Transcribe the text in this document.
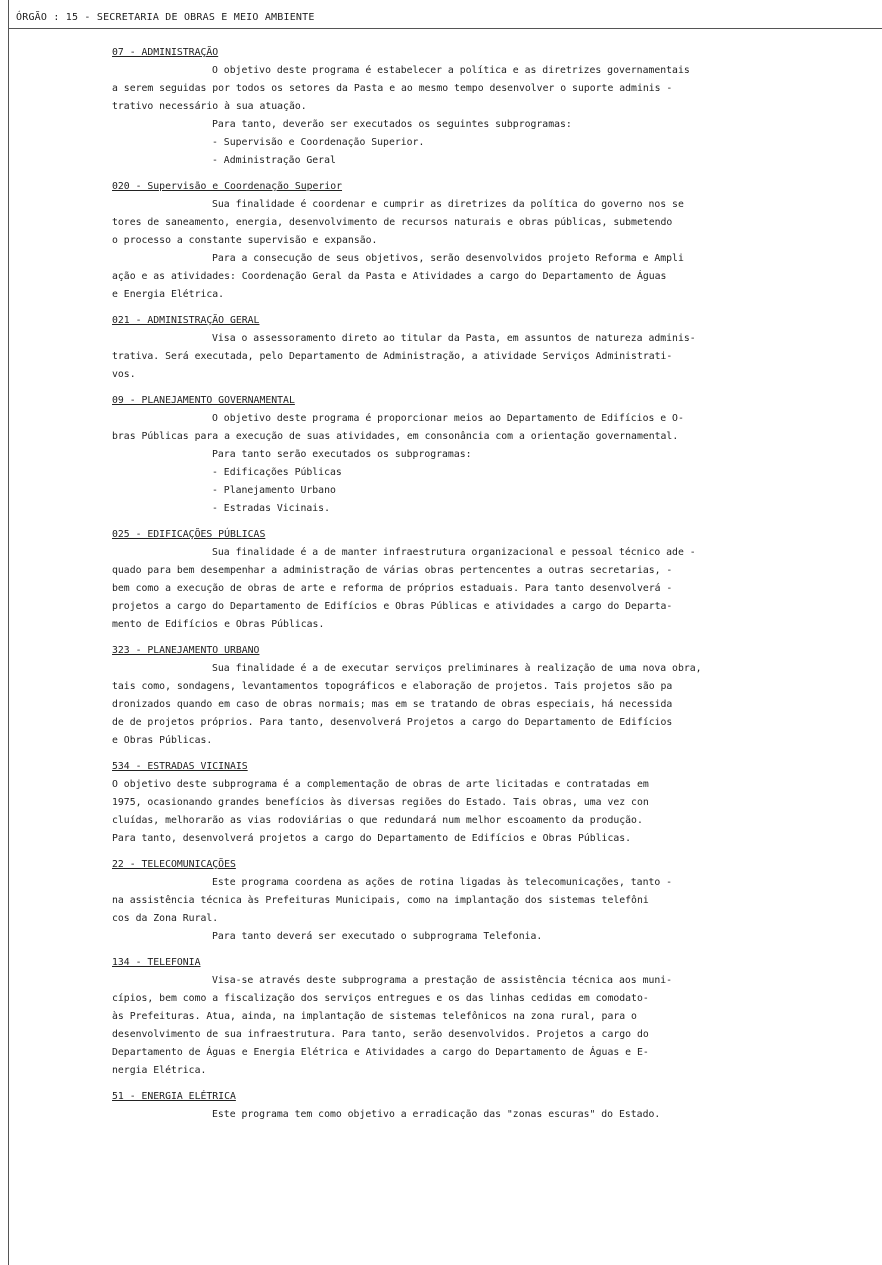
ÓRGÃO : 15 - SECRETARIA DE OBRAS E MEIO AMBIENTE
07 - ADMINISTRAÇÃO
O objetivo deste programa é estabelecer a política e as diretrizes governamentais
a serem seguidas por todos os setores da Pasta e ao mesmo tempo desenvolver o suporte adminis -
trativo necessário à sua atuação.
Para tanto, deverão ser executados os seguintes subprogramas:
- Supervisão e Coordenação Superior.
- Administração Geral
020 - Supervisão e Coordenação Superior
Sua finalidade é coordenar e cumprir as diretrizes da política do governo nos se
tores de saneamento, energia, desenvolvimento de recursos naturais e obras públicas, submetendo
o processo a constante supervisão e expansão.
Para a consecução de seus objetivos, serão desenvolvidos projeto Reforma e Ampli
ação e as atividades: Coordenação Geral da Pasta e Atividades a cargo do Departamento de Águas
e Energia Elétrica.
021 - ADMINISTRAÇÃO GERAL
Visa o assessoramento direto ao titular da Pasta, em assuntos de natureza adminis-
trativa. Será executada, pelo Departamento de Administração, a atividade Serviços Administrati-
vos.
09 - PLANEJAMENTO GOVERNAMENTAL
O objetivo deste programa é proporcionar meios ao Departamento de Edifícios e O-
bras Públicas para a execução de suas atividades, em consonância com a orientação governamental.
Para tanto serão executados os subprogramas:
- Edificações Públicas
- Planejamento Urbano
- Estradas Vicinais.
025 - EDIFICAÇÕES PÚBLICAS
Sua finalidade é a de manter infraestrutura organizacional e pessoal técnico ade -
quado para bem desempenhar a administração de várias obras pertencentes a outras secretarias, -
bem como a execução de obras de arte e reforma de próprios estaduais. Para tanto desenvolverá -
projetos a cargo do Departamento de Edifícios e Obras Públicas e atividades a cargo do Departa-
mento de Edifícios e Obras Públicas.
323 - PLANEJAMENTO URBANO
Sua finalidade é a de executar serviços preliminares à realização de uma nova obra,
tais como, sondagens, levantamentos topográficos e elaboração de projetos. Tais projetos são pa
dronizados quando em caso de obras normais; mas em se tratando de obras especiais, há necessida
de de projetos próprios. Para tanto, desenvolverá Projetos a cargo do Departamento de Edifícios
e Obras Públicas.
534 - ESTRADAS VICINAIS
O objetivo deste subprograma é a complementação de obras de arte licitadas e contratadas em
1975, ocasionando grandes benefícios às diversas regiões do Estado. Tais obras, uma vez con
cluídas, melhorarão as vias rodoviárias o que redundará num melhor escoamento da produção.
Para tanto, desenvolverá projetos a cargo do Departamento de Edifícios e Obras Públicas.
22 - TELECOMUNICAÇÕES
Este programa coordena as ações de rotina ligadas às telecomunicações, tanto -
na assistência técnica às Prefeituras Municipais, como na implantação dos sistemas telefôni
cos da Zona Rural.
Para tanto deverá ser executado o subprograma Telefonia.
134 - TELEFONIA
Visa-se através deste subprograma a prestação de assistência técnica aos muni-
cípios, bem como a fiscalização dos serviços entregues e os das linhas cedidas em comodato-
às Prefeituras. Atua, ainda, na implantação de sistemas telefônicos na zona rural, para o
desenvolvimento de sua infraestrutura. Para tanto, serão desenvolvidos. Projetos a cargo do
Departamento de Águas e Energia Elétrica e Atividades a cargo do Departamento de Águas e E-
nergia Elétrica.
51 - ENERGIA ELÉTRICA
Este programa tem como objetivo a erradicação das "zonas escuras" do Estado.
